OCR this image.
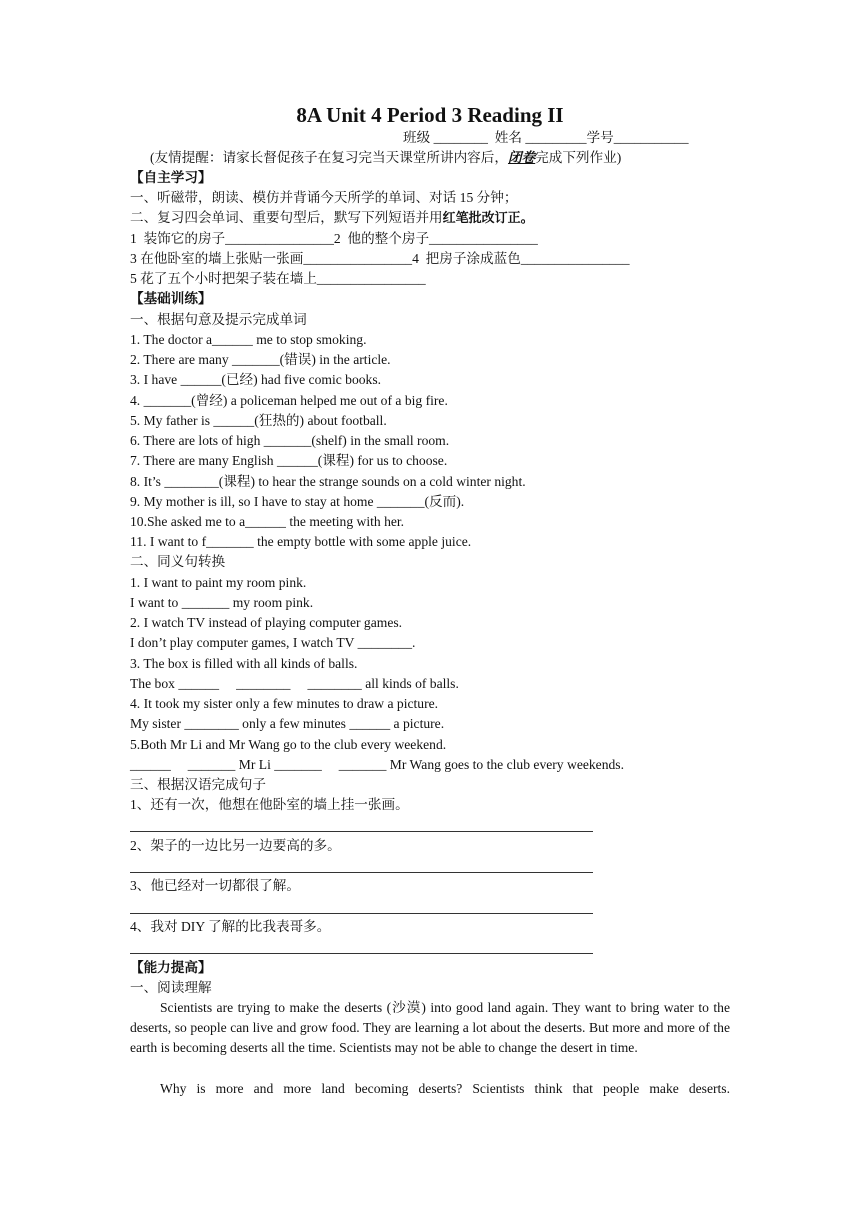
8A Unit 4 Period 3 Reading II
班级 ________ 姓名 _________学号___________
(友情提醒：请家长督促孩子在复习完当天课堂所讲内容后，闭卷完成下列作业)
【自主学习】
一、听磁带，朗读、模仿并背诵今天所学的单词、对话 15 分钟；
二、复习四会单词、重要句型后，默写下列短语并用红笔批改订正。
1  装饰它的房子________________2  他的整个房子________________
3 在他卧室的墙上张贴一张画________________4  把房子涂成蓝色________________
5 花了五个小时把架子装在墙上________________
【基础训练】
一、根据句意及提示完成单词
1. The doctor a______ me to stop smoking.
2. There are many _______(错误) in the article.
3. I have ______(已经) had five comic books.
4. _______(曾经) a policeman helped me out of a big fire.
5. My father is ______(狂热的) about football.
6. There are lots of high _______(shelf) in the small room.
7. There are many English ______(课程) for us to choose.
8. It’s ________(课程) to hear the strange sounds on a cold winter night.
9. My mother is ill, so I have to stay at home _______(反而).
10.She asked me to a______ the meeting with her.
11. I want to f_______ the empty bottle with some apple juice.
二、同义句转换
1. I want to paint my room pink.
I want to _______ my room pink.
2. I watch TV instead of playing computer games.
I don’t play computer games, I watch TV ________.
3. The box is filled with all kinds of balls.
The box ______     ________     ________ all kinds of balls.
4. It took my sister only a few minutes to draw a picture.
My sister ________ only a few minutes ______ a picture.
5.Both Mr Li and Mr Wang go to the club every weekend.
______     _______ Mr Li _______     _______ Mr Wang goes to the club every weekends.
三、根据汉语完成句子
1、还有一次，他想在他卧室的墙上挂一张画。
2、架子的一边比另一边要高的多。
3、他已经对一切都很了解。
4、我对 DIY 了解的比我表哥多。
【能力提高】
一、阅读理解
Scientists are trying to make the deserts (沙漠) into good land again. They want to bring water to the deserts, so people can live and grow food. They are learning a lot about the deserts. But more and more of the earth is becoming deserts all the time. Scientists may not be able to change the desert in time.
Why is more and more land becoming deserts? Scientists think that people make deserts.
